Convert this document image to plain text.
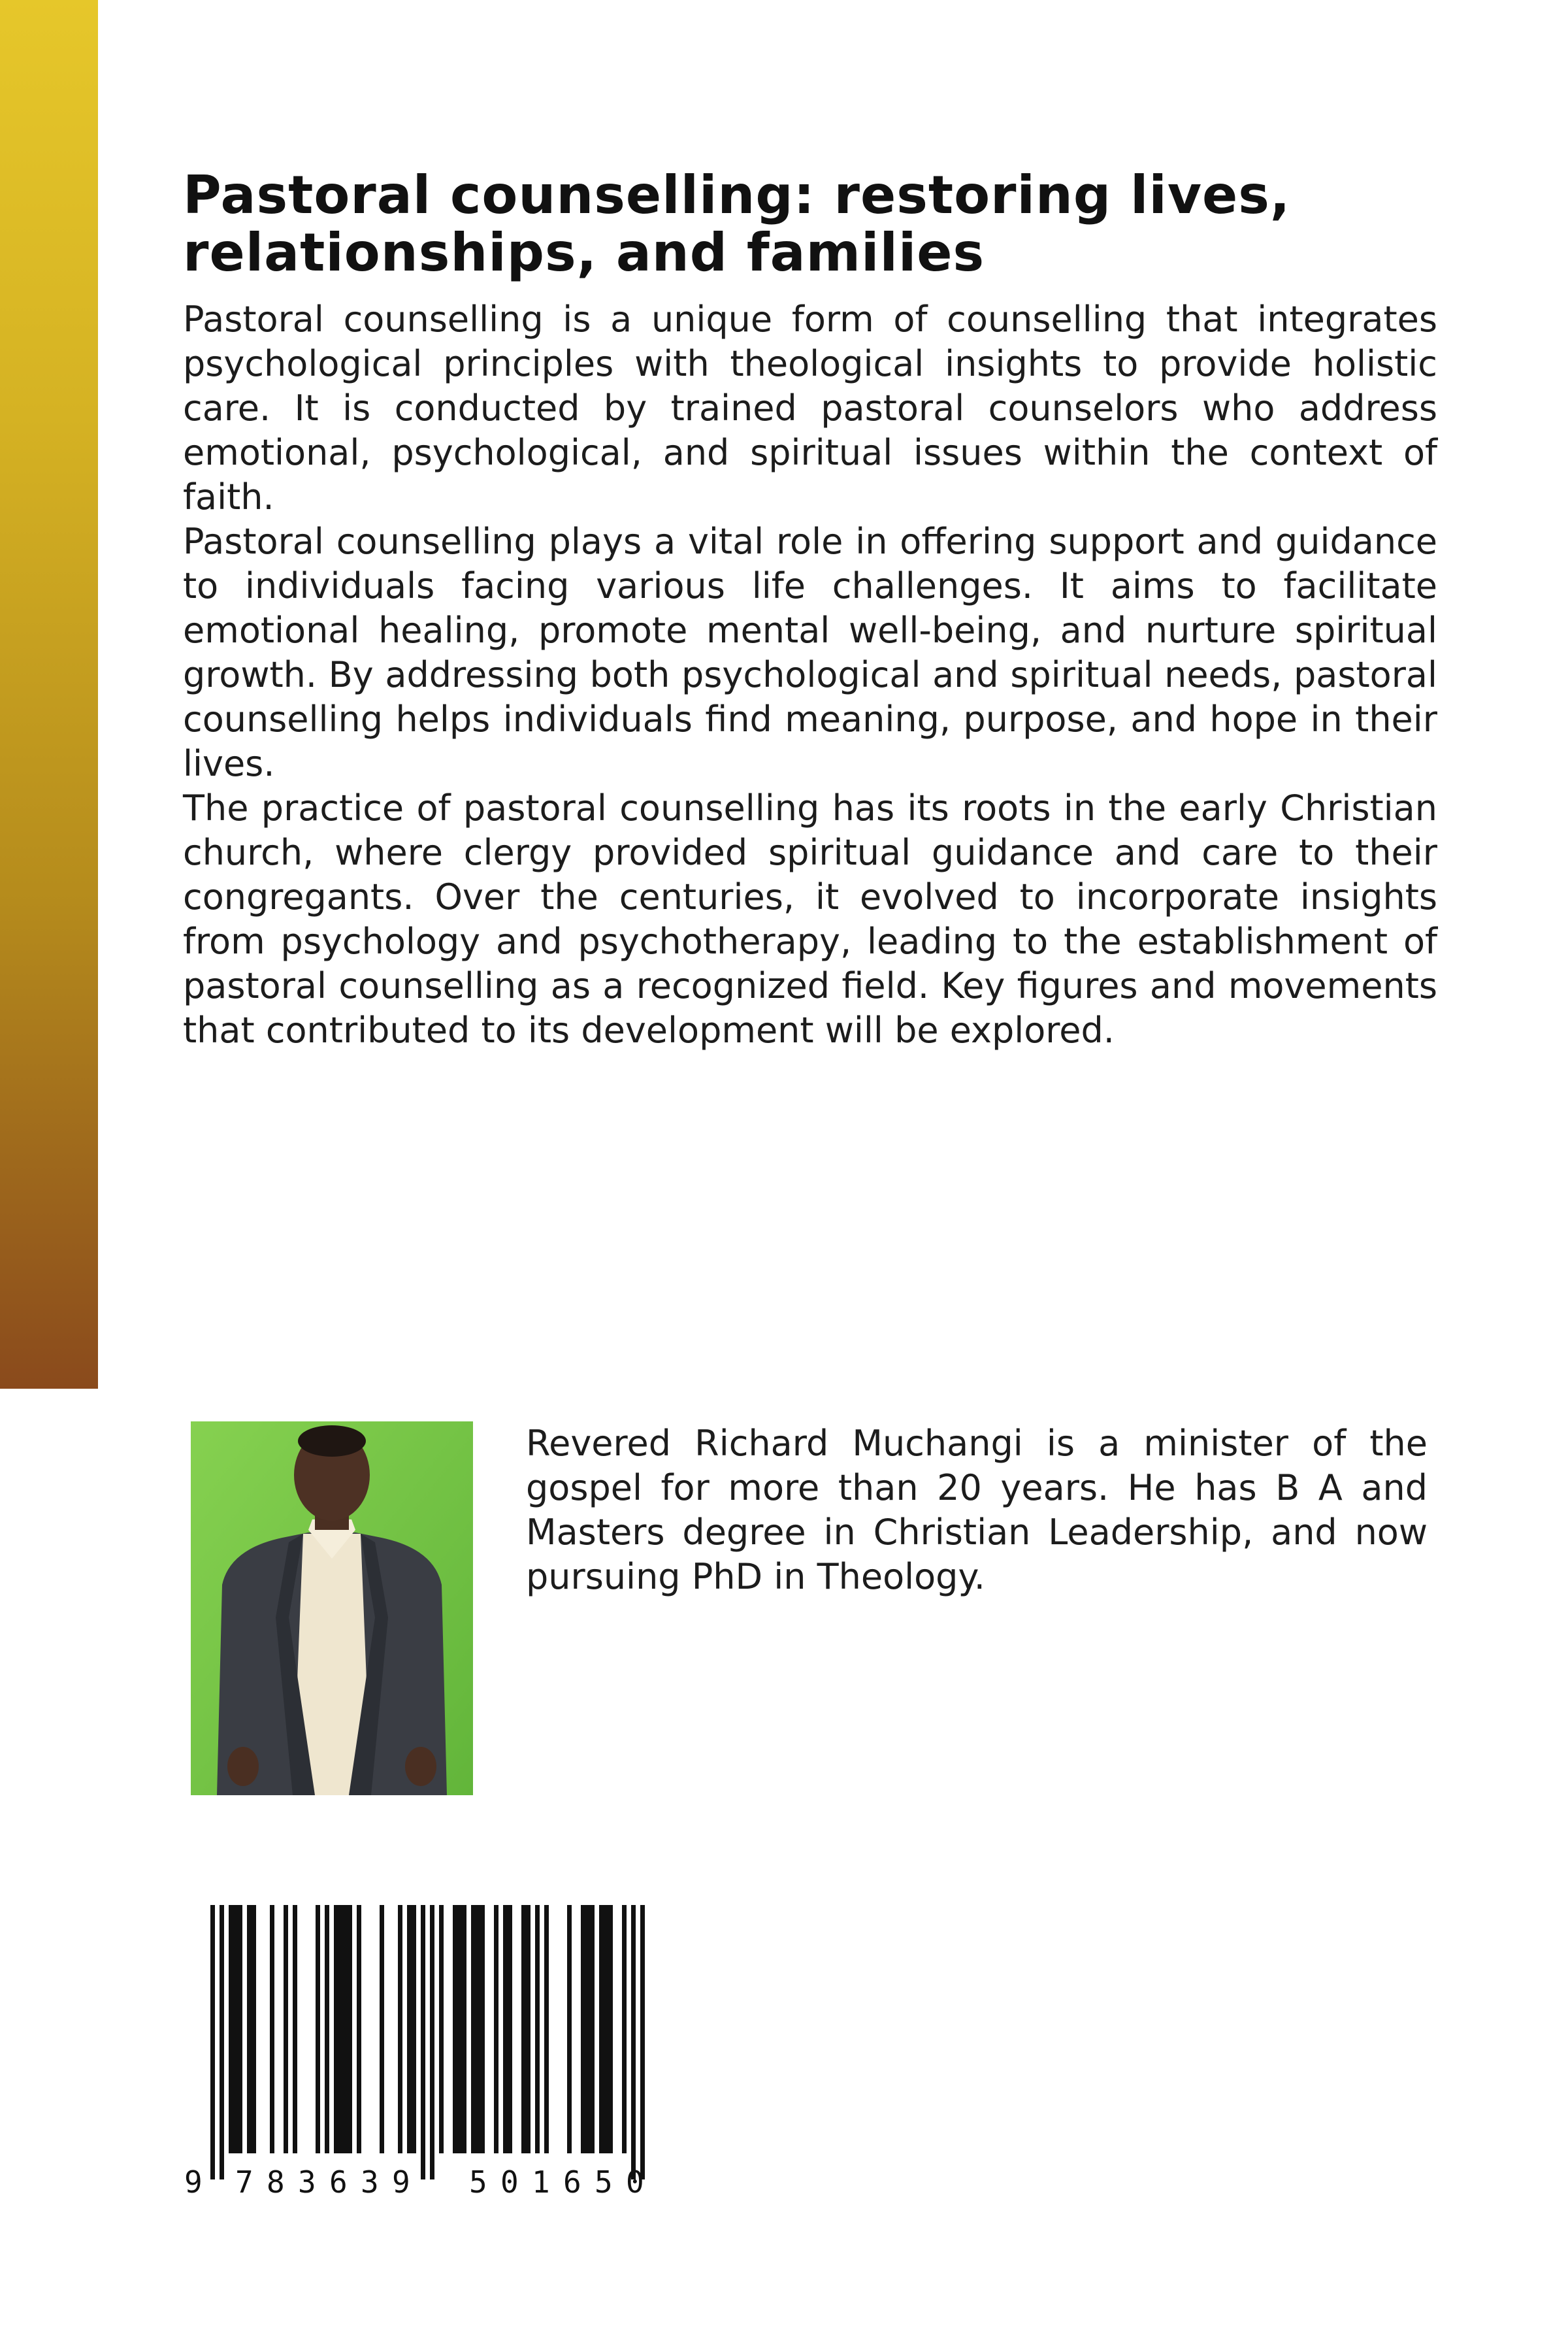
Pastoral counselling: restoring lives, relationships, and families

Pastoral counselling is a unique form of counselling that integrates psychological principles with theological insights to provide holistic care. It is conducted by trained pastoral counselors who address emotional, psychological, and spiritual issues within the context of faith.

Pastoral counselling plays a vital role in offering support and guidance to individuals facing various life challenges. It aims to facilitate emotional healing, promote mental well-being, and nurture spiritual growth. By addressing both psychological and spiritual needs, pastoral counselling helps individuals find meaning, purpose, and hope in their lives.

The practice of pastoral counselling has its roots in the early Christian church, where clergy provided spiritual guidance and care to their congregants. Over the centuries, it evolved to incorporate insights from psychology and psychotherapy, leading to the establishment of pastoral counselling as a recognized field. Key figures and movements that contributed to its development will be explored.

Revered Richard Muchangi is a minister of the gospel for more than 20 years. He has B A and Masters degree in Christian Leadership, and now pursuing PhD in Theology.

9 7 8 3 6 3 9 5 0 1 6 5 0
